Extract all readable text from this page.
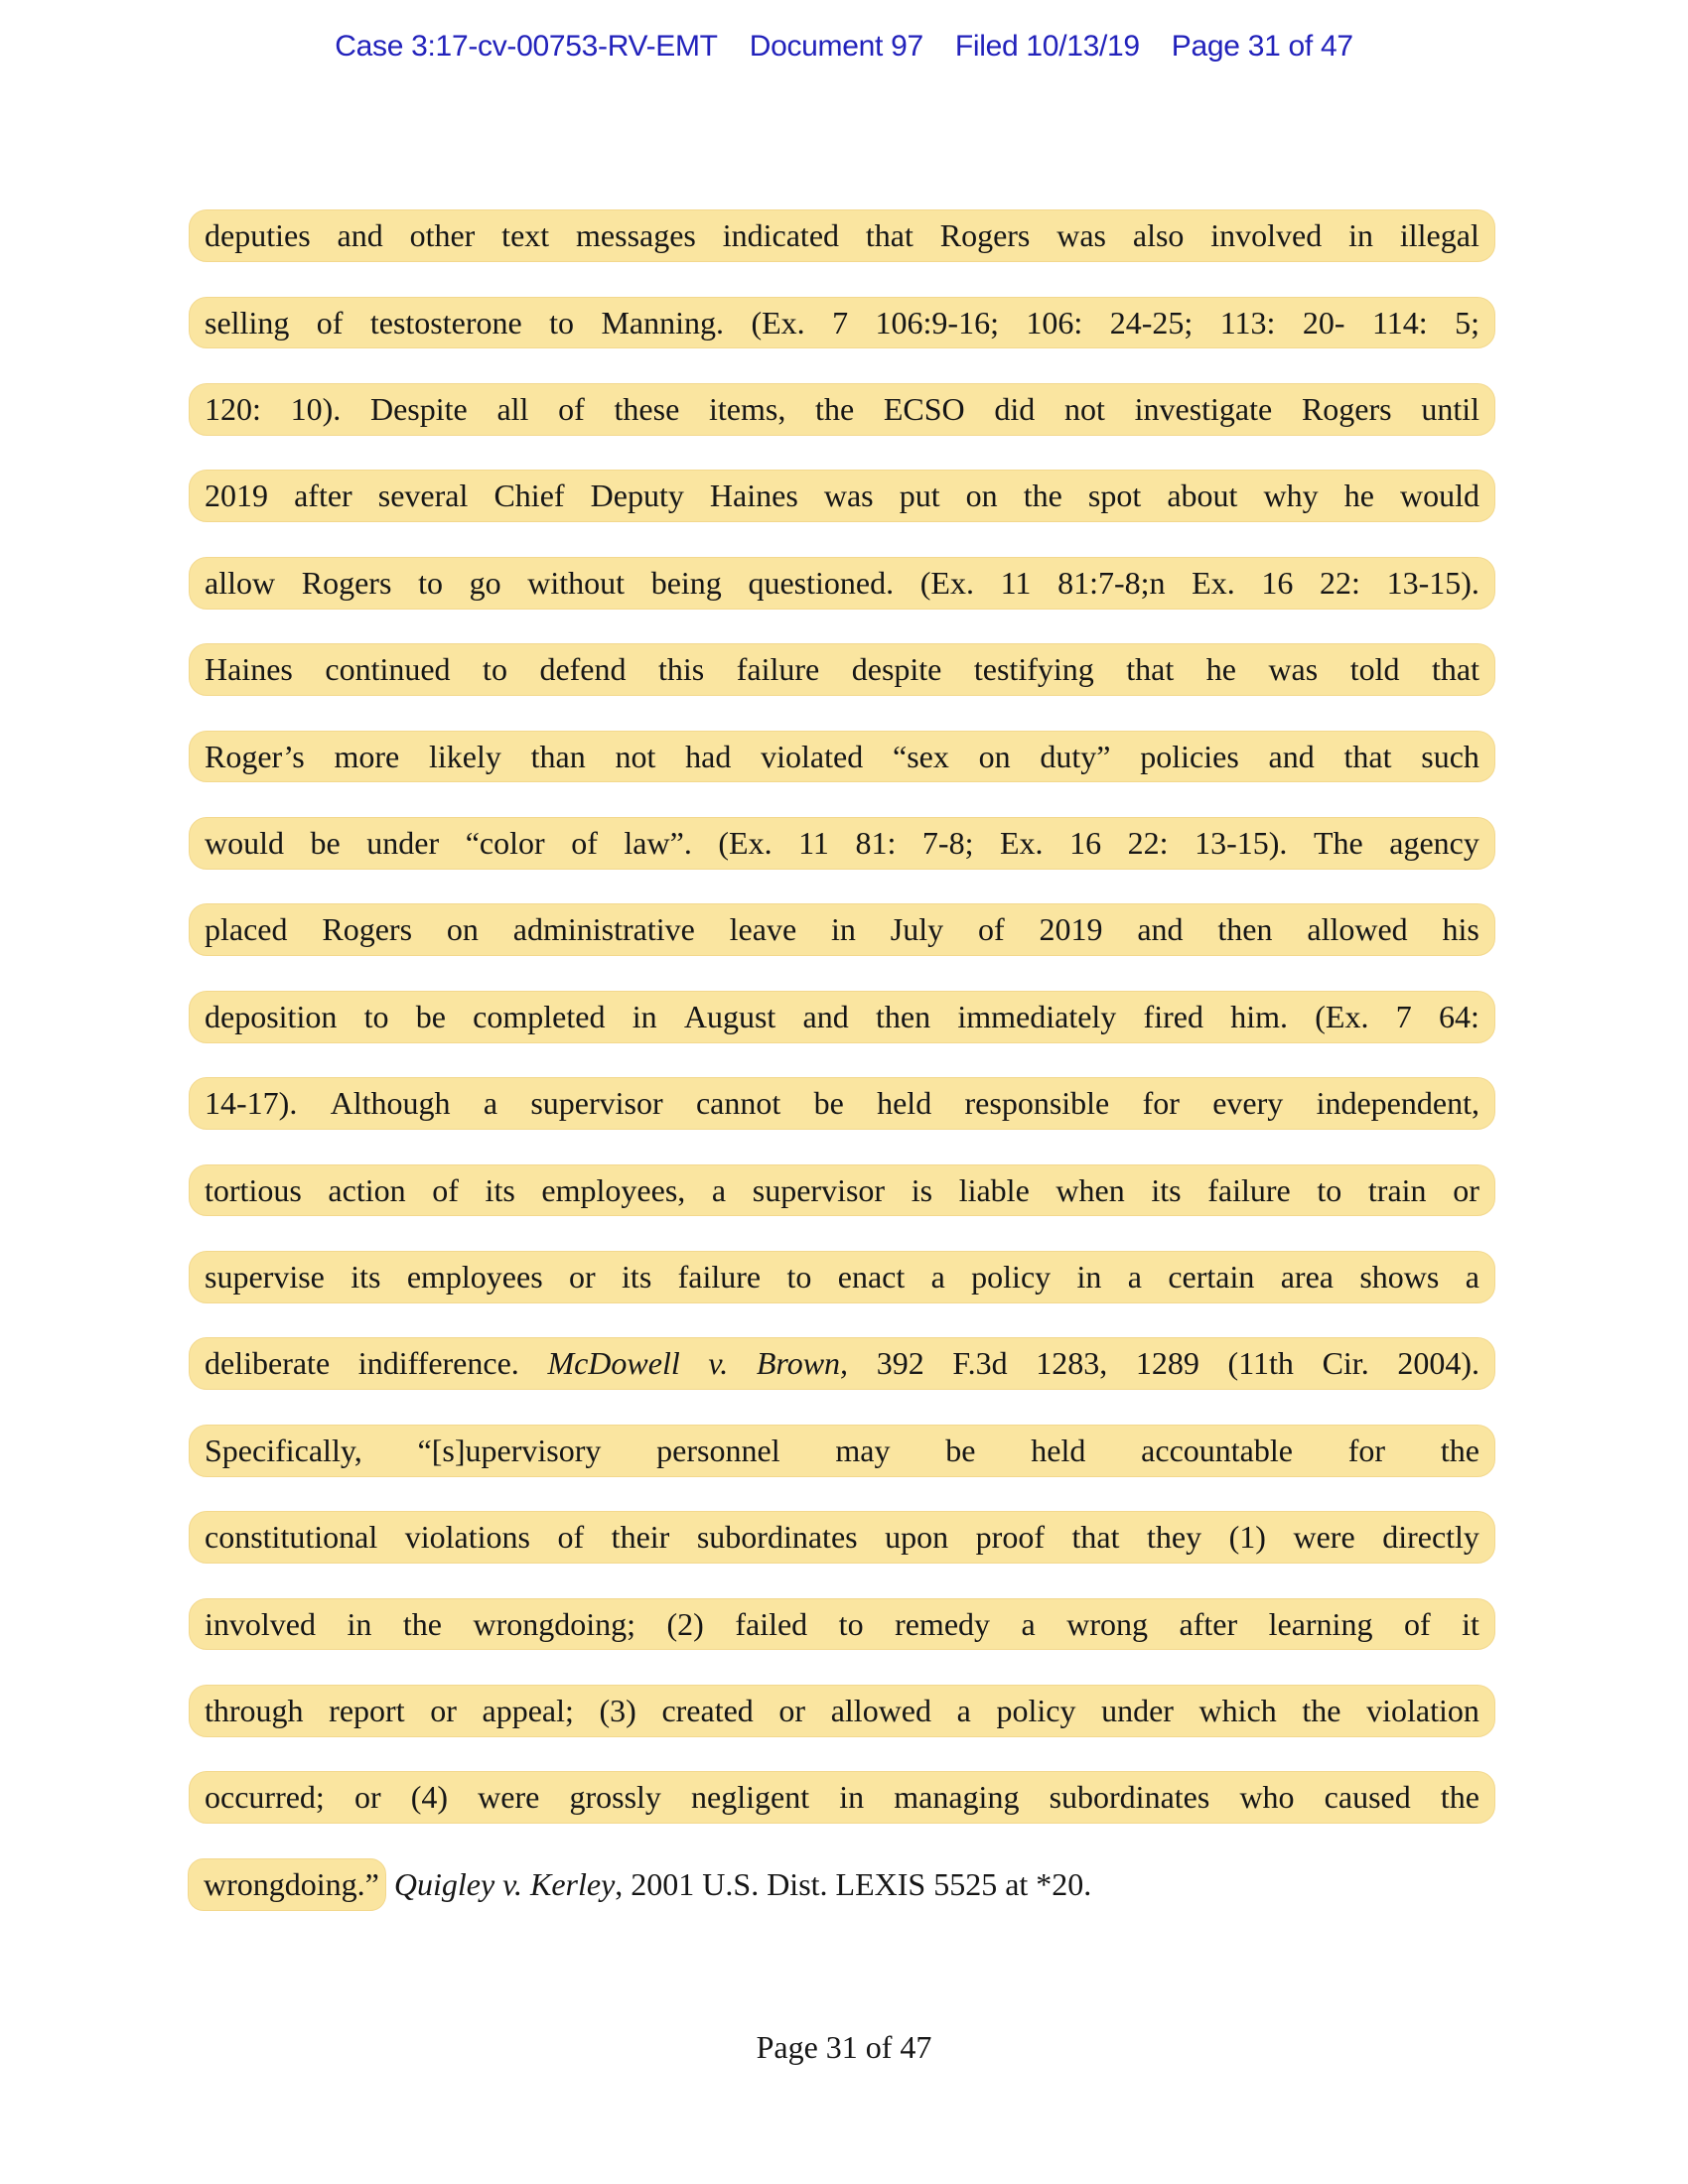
Case 3:17-cv-00753-RV-EMT Document 97 Filed 10/13/19 Page 31 of 47
deputies and other text messages indicated that Rogers was also involved in illegal
selling of testosterone to Manning. (Ex. 7 106:9-16; 106: 24-25; 113: 20- 114: 5;
120: 10). Despite all of these items, the ECSO did not investigate Rogers until
2019 after several Chief Deputy Haines was put on the spot about why he would
allow Rogers to go without being questioned. (Ex. 11 81:7-8;n Ex. 16 22: 13-15).
Haines continued to defend this failure despite testifying that he was told that
Roger’s more likely than not had violated “sex on duty” policies and that such
would be under “color of law”. (Ex. 11 81: 7-8; Ex. 16 22: 13-15). The agency
placed Rogers on administrative leave in July of 2019 and then allowed his
deposition to be completed in August and then immediately fired him. (Ex. 7 64:
14-17). Although a supervisor cannot be held responsible for every independent,
tortious action of its employees, a supervisor is liable when its failure to train or
supervise its employees or its failure to enact a policy in a certain area shows a
deliberate indifference. McDowell v. Brown, 392 F.3d 1283, 1289 (11th Cir. 2004).
Specifically, “[s]upervisory personnel may be held accountable for the
constitutional violations of their subordinates upon proof that they (1) were directly
involved in the wrongdoing; (2) failed to remedy a wrong after learning of it
through report or appeal; (3) created or allowed a policy under which the violation
occurred; or (4) were grossly negligent in managing subordinates who caused the
wrongdoing.” Quigley v. Kerley , 2001 U.S. Dist. LEXIS 5525 at *20.
Page 31 of 47
